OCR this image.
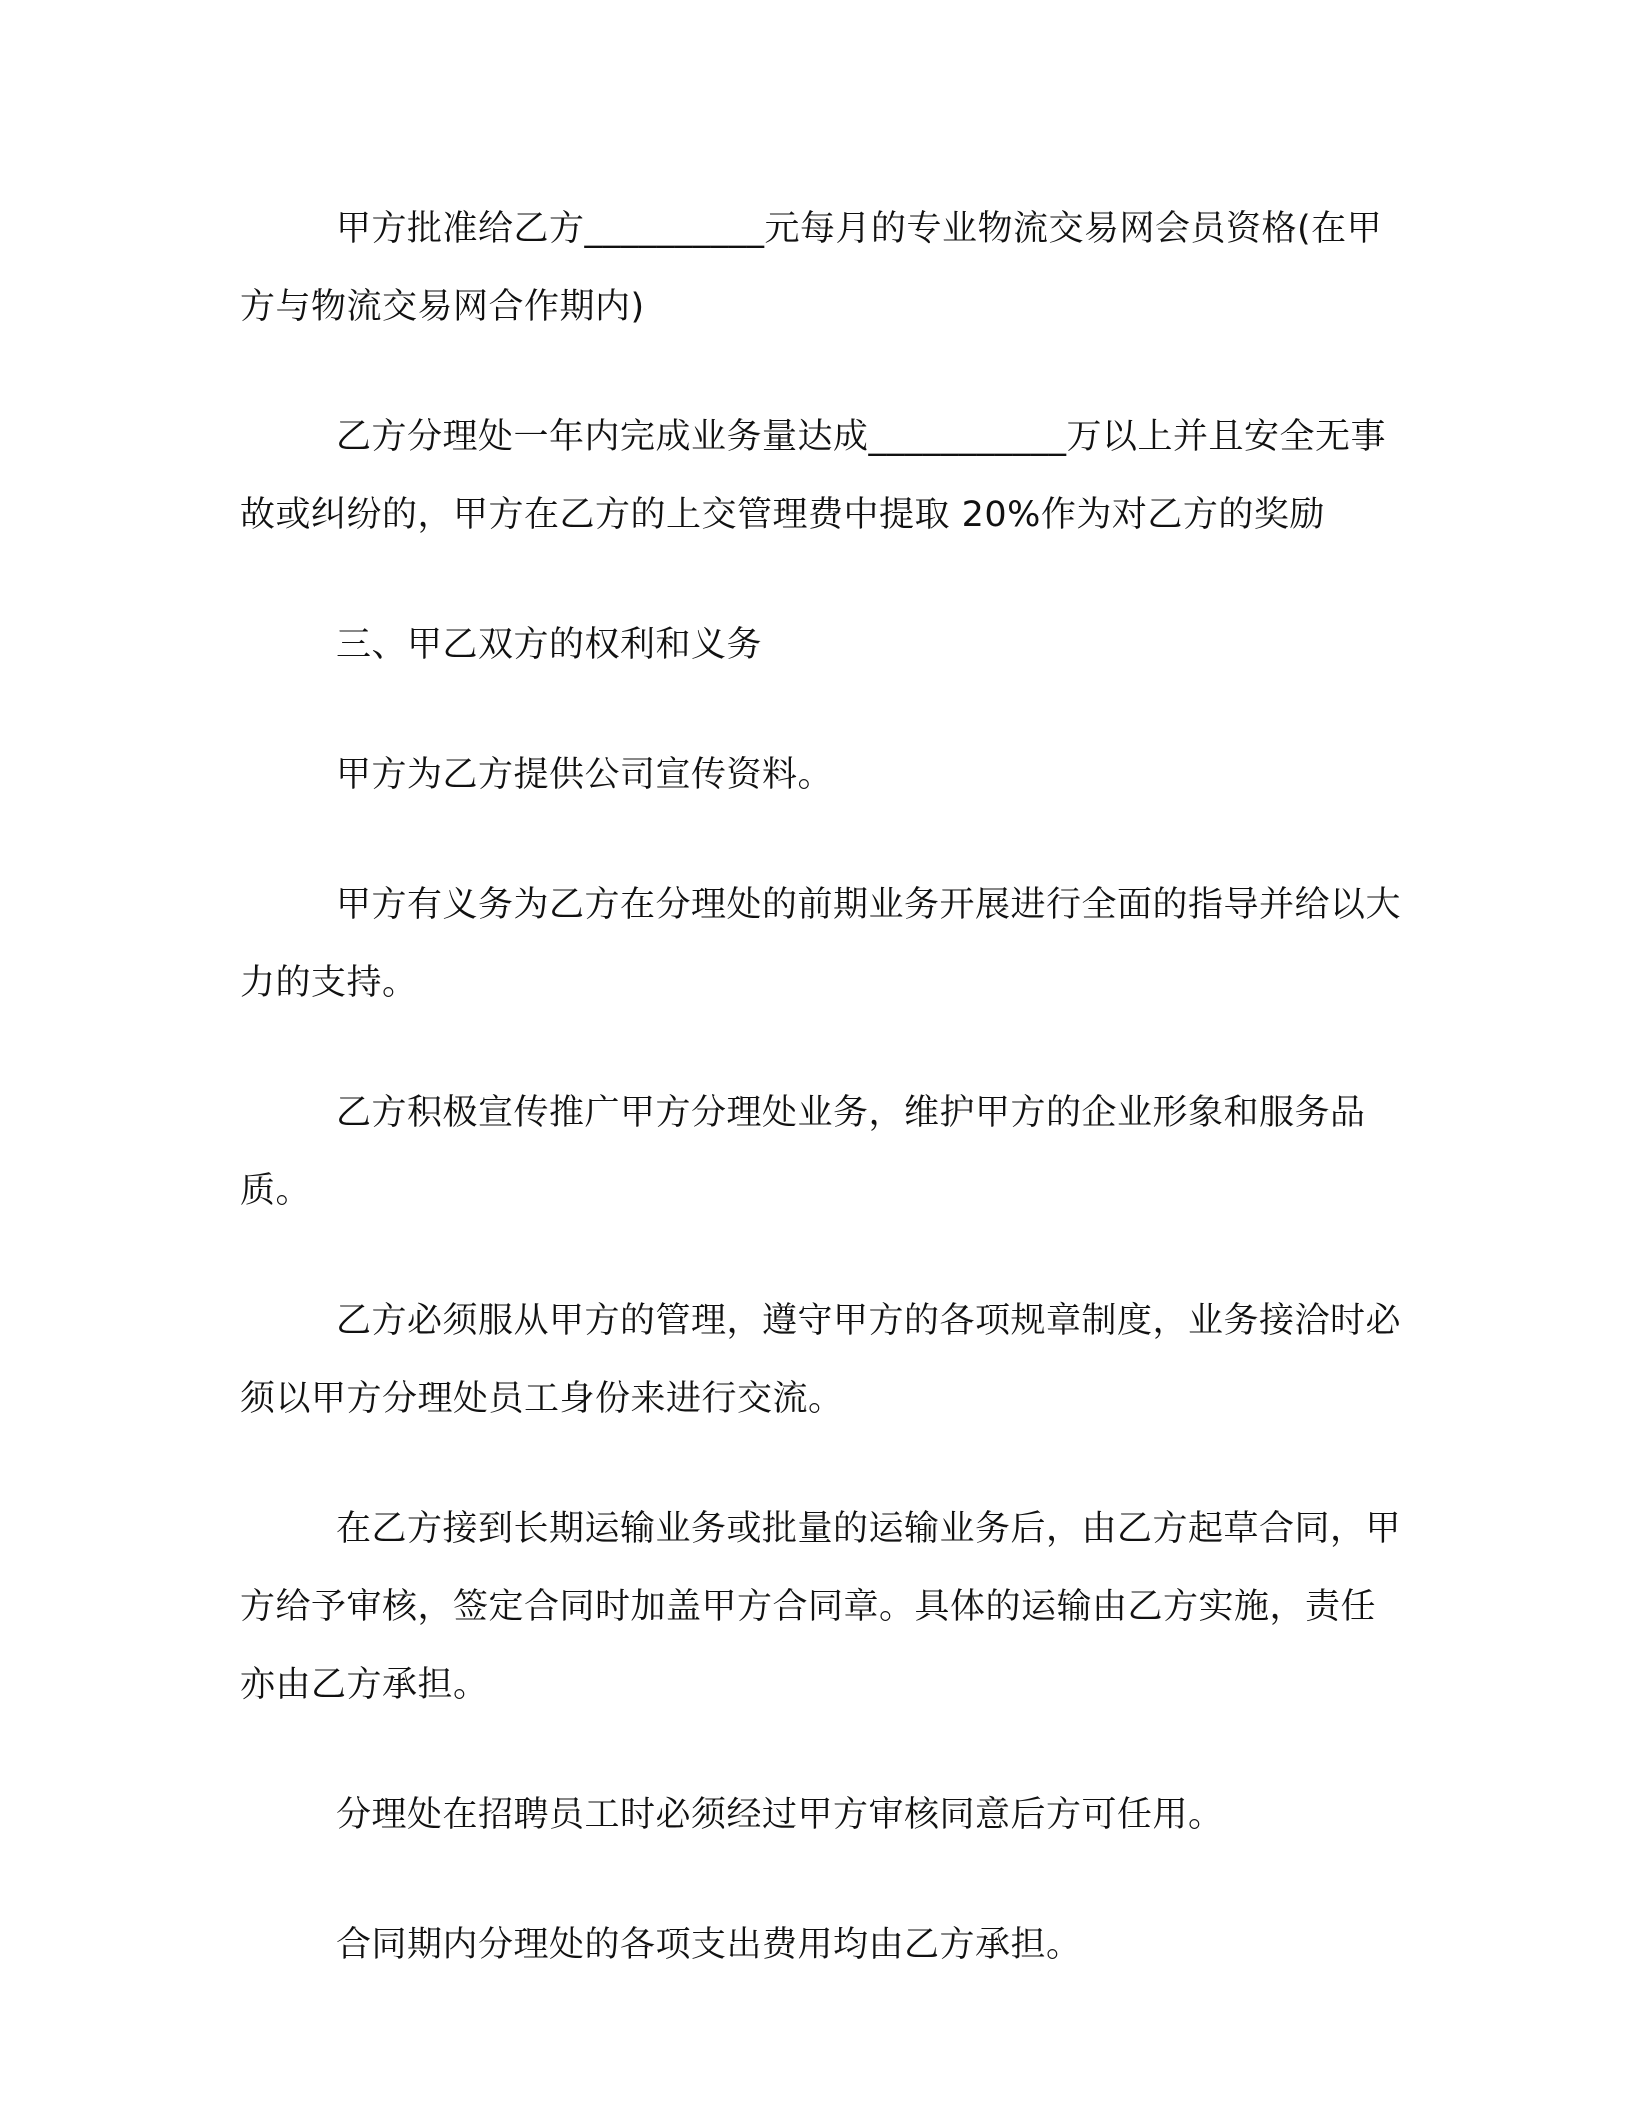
甲方批准给乙方__________元每月的专业物流交易网会员资格(在甲方与物流交易网合作期内)

乙方分理处一年内完成业务量达成___________万以上并且安全无事故或纠纷的，甲方在乙方的上交管理费中提取 20%作为对乙方的奖励

三、甲乙双方的权利和义务

甲方为乙方提供公司宣传资料。

甲方有义务为乙方在分理处的前期业务开展进行全面的指导并给以大力的支持。

乙方积极宣传推广甲方分理处业务，维护甲方的企业形象和服务品质。

乙方必须服从甲方的管理，遵守甲方的各项规章制度，业务接洽时必须以甲方分理处员工身份来进行交流。

在乙方接到长期运输业务或批量的运输业务后，由乙方起草合同，甲方给予审核，签定合同时加盖甲方合同章。具体的运输由乙方实施，责任亦由乙方承担。

分理处在招聘员工时必须经过甲方审核同意后方可任用。

合同期内分理处的各项支出费用均由乙方承担。
